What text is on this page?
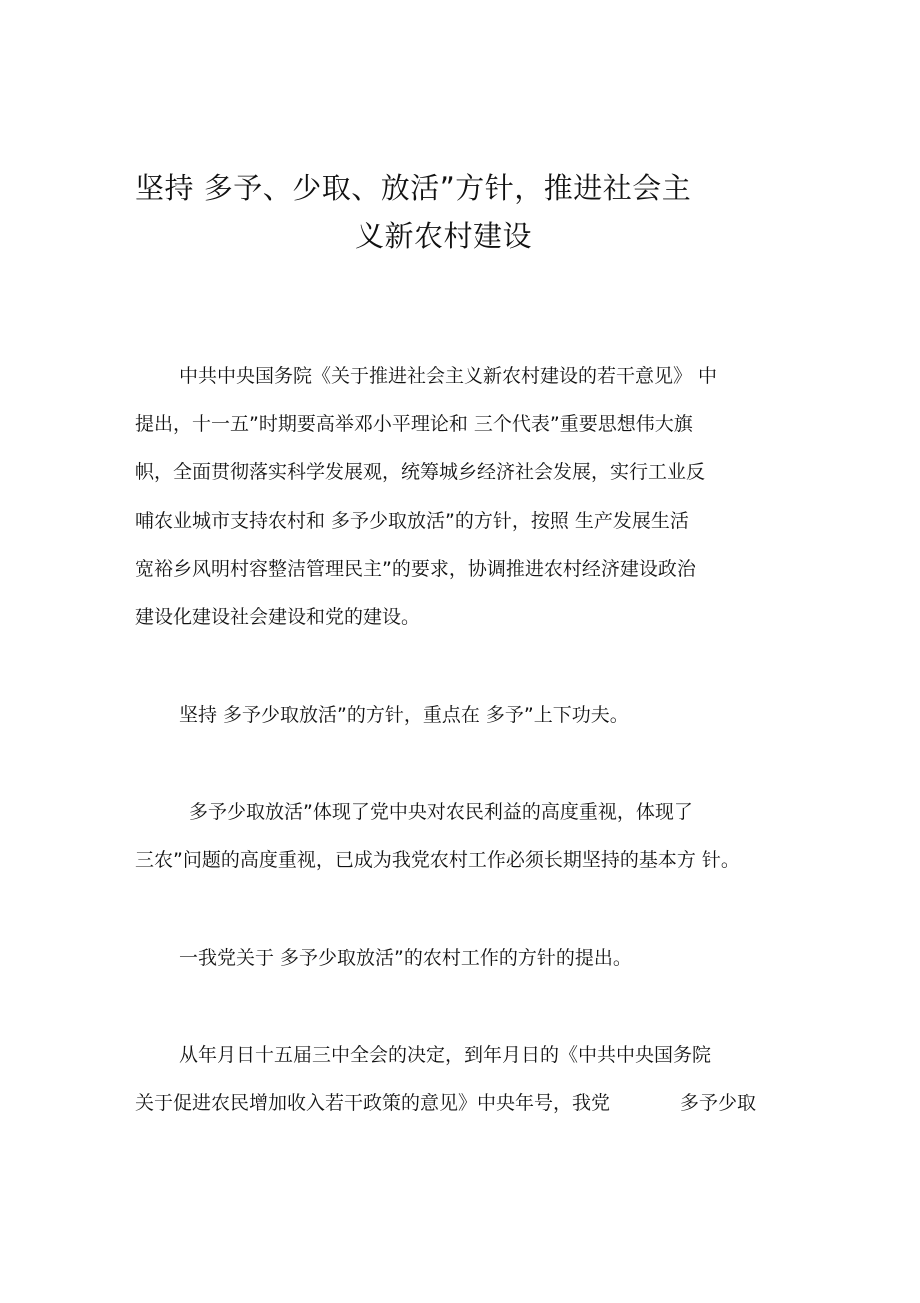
坚持 多予、少取、放活”方针，推进社会主
义新农村建设
中共中央国务院《关于推进社会主义新农村建设的若干意见》 中
提出，十一五”时期要高举邓小平理论和 三个代表”重要思想伟大旗
帜，全面贯彻落实科学发展观，统筹城乡经济社会发展，实行工业反
哺农业城市支持农村和 多予少取放活”的方针，按照 生产发展生活
宽裕乡风明村容整洁管理民主”的要求，协调推进农村经济建设政治
建设化建设社会建设和党的建设。
坚持 多予少取放活”的方针，重点在 多予”上下功夫。
多予少取放活”体现了党中央对农民利益的高度重视，体现了
三农”问题的高度重视，已成为我党农村工作必须长期坚持的基本方 针。
一我党关于 多予少取放活”的农村工作的方针的提出。
从年月日十五届三中全会的决定，到年月日的《中共中央国务院
关于促进农民增加收入若干政策的意见》中央年号，我党	多予少取
